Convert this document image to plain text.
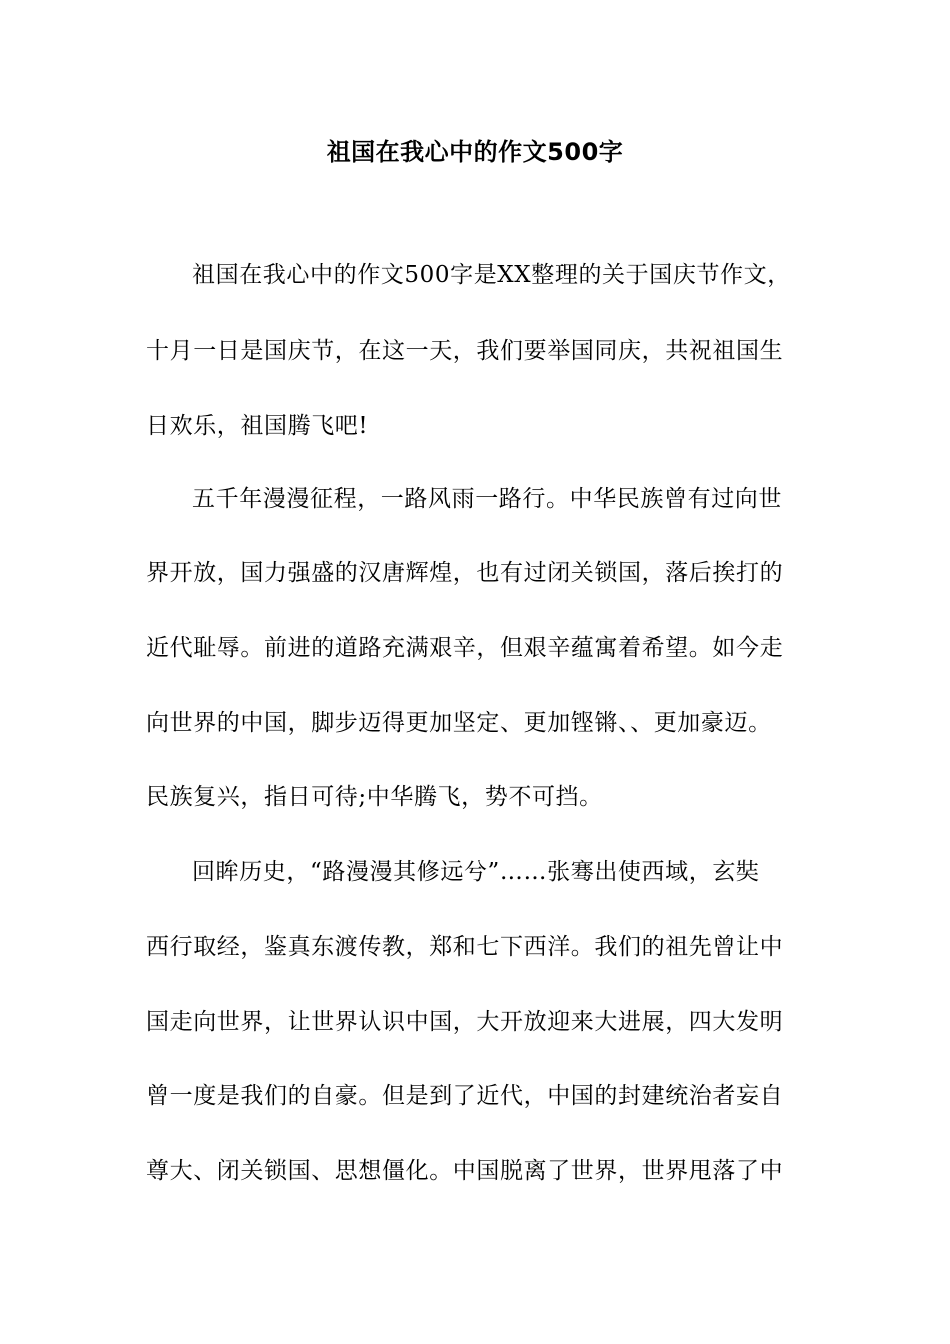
祖国在我心中的作文500字
祖国在我心中的作文500字是XX整理的关于国庆节作文，
十月一日是国庆节，在这一天，我们要举国同庆，共祝祖国生
日欢乐，祖国腾飞吧!
五千年漫漫征程，一路风雨一路行。中华民族曾有过向世
界开放，国力强盛的汉唐辉煌，也有过闭关锁国，落后挨打的
近代耻辱。前进的道路充满艰辛，但艰辛蕴寓着希望。如今走
向世界的中国，脚步迈得更加坚定、更加铿锵、、更加豪迈。
民族复兴，指日可待;中华腾飞，势不可挡。
回眸历史，“路漫漫其修远兮”……张骞出使西域，玄奘
西行取经，鉴真东渡传教，郑和七下西洋。我们的祖先曾让中
国走向世界，让世界认识中国，大开放迎来大进展，四大发明
曾一度是我们的自豪。但是到了近代，中国的封建统治者妄自
尊大、闭关锁国、思想僵化。中国脱离了世界，世界甩落了中
